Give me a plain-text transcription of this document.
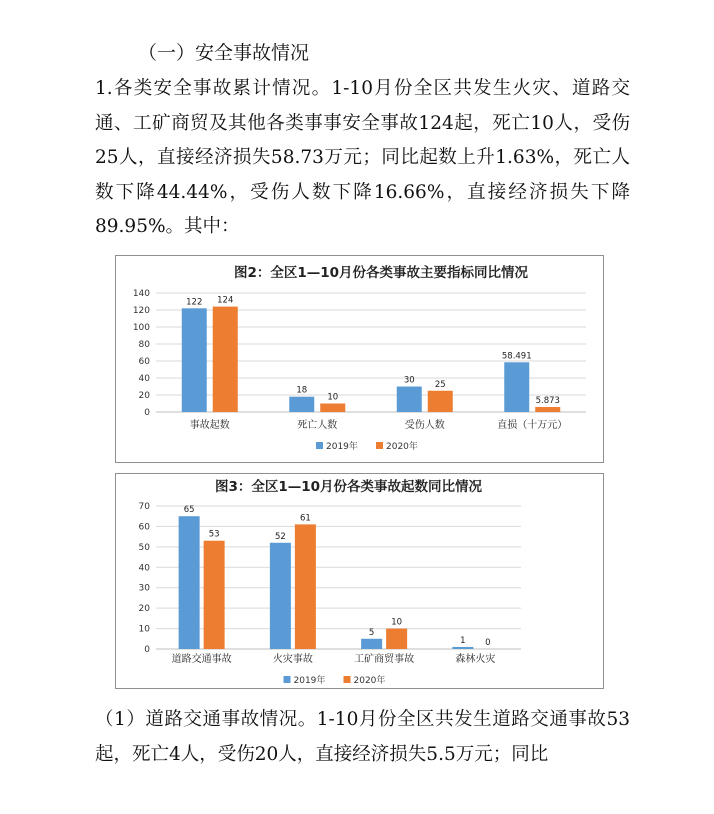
（一）安全事故情况
1.各类安全事故累计情况。1-10月份全区共发生火灾、道路交通、工矿商贸及其他各类事事安全事故124起，死亡10人，受伤25人，直接经济损失58.73万元；同比起数上升1.63%，死亡人数下降44.44%，受伤人数下降16.66%，直接经济损失下降89.95%。其中：
图2：全区1—10月份各类事故主要指标同比情况
0
20
40
60
80
100
120
140
122 124
事故起数
18
10
死亡人数
30 25
受伤人数
58.491
5.873
直损（十万元）
2019年	2020年
图3：全区1—10月份各类事故起数同比情况
0
10
20
30
40
50
60
70	65
53
道路交通事故
52
61
火灾事故
5
10
工矿商贸事故
1 0
森林火灾
2019年	2020年
（1）道路交通事故情况。1-10月份全区共发生道路交通事故53起，死亡4人，受伤20人，直接经济损失5.5万元；同比
